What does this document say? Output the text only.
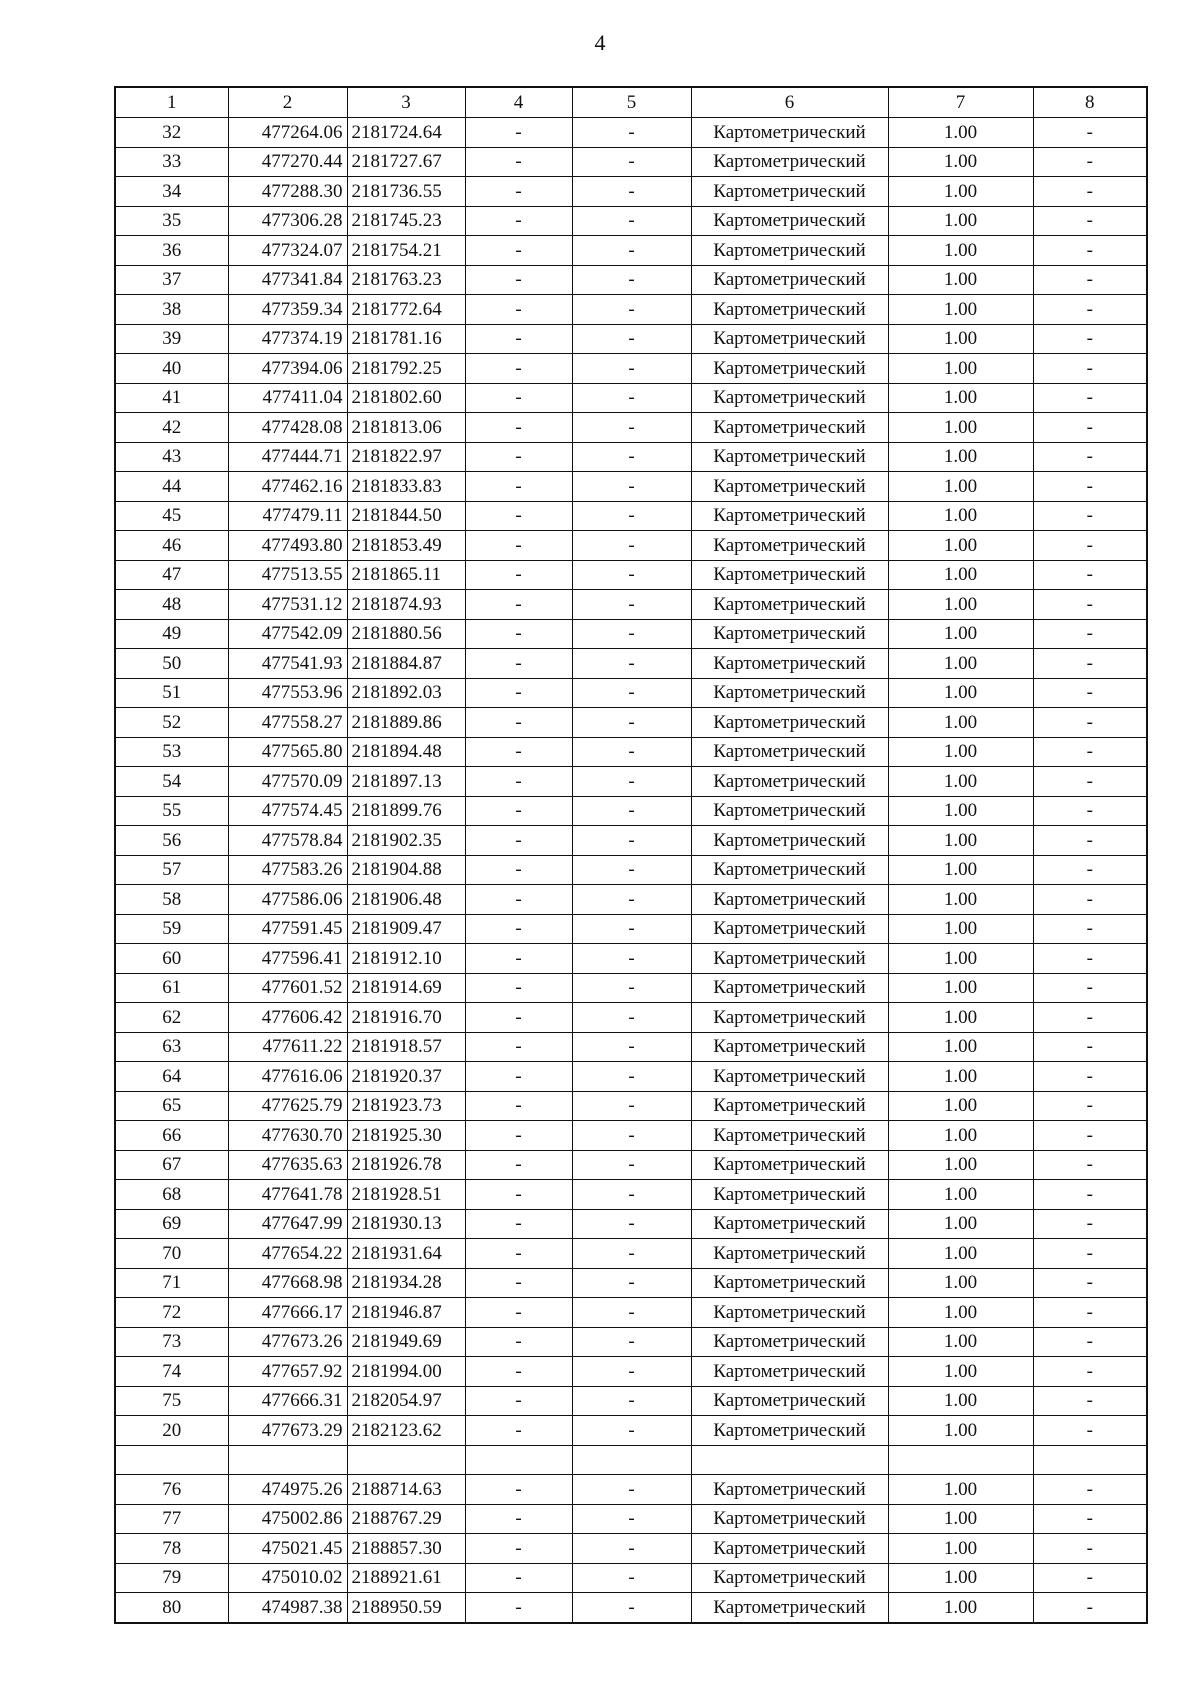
4
1	2	3	4	5	6	7	8
32	477264.06	2181724.64	-	-	Картометрический	1.00	-
33	477270.44	2181727.67	-	-	Картометрический	1.00	-
34	477288.30	2181736.55	-	-	Картометрический	1.00	-
35	477306.28	2181745.23	-	-	Картометрический	1.00	-
36	477324.07	2181754.21	-	-	Картометрический	1.00	-
37	477341.84	2181763.23	-	-	Картометрический	1.00	-
38	477359.34	2181772.64	-	-	Картометрический	1.00	-
39	477374.19	2181781.16	-	-	Картометрический	1.00	-
40	477394.06	2181792.25	-	-	Картометрический	1.00	-
41	477411.04	2181802.60	-	-	Картометрический	1.00	-
42	477428.08	2181813.06	-	-	Картометрический	1.00	-
43	477444.71	2181822.97	-	-	Картометрический	1.00	-
44	477462.16	2181833.83	-	-	Картометрический	1.00	-
45	477479.11	2181844.50	-	-	Картометрический	1.00	-
46	477493.80	2181853.49	-	-	Картометрический	1.00	-
47	477513.55	2181865.11	-	-	Картометрический	1.00	-
48	477531.12	2181874.93	-	-	Картометрический	1.00	-
49	477542.09	2181880.56	-	-	Картометрический	1.00	-
50	477541.93	2181884.87	-	-	Картометрический	1.00	-
51	477553.96	2181892.03	-	-	Картометрический	1.00	-
52	477558.27	2181889.86	-	-	Картометрический	1.00	-
53	477565.80	2181894.48	-	-	Картометрический	1.00	-
54	477570.09	2181897.13	-	-	Картометрический	1.00	-
55	477574.45	2181899.76	-	-	Картометрический	1.00	-
56	477578.84	2181902.35	-	-	Картометрический	1.00	-
57	477583.26	2181904.88	-	-	Картометрический	1.00	-
58	477586.06	2181906.48	-	-	Картометрический	1.00	-
59	477591.45	2181909.47	-	-	Картометрический	1.00	-
60	477596.41	2181912.10	-	-	Картометрический	1.00	-
61	477601.52	2181914.69	-	-	Картометрический	1.00	-
62	477606.42	2181916.70	-	-	Картометрический	1.00	-
63	477611.22	2181918.57	-	-	Картометрический	1.00	-
64	477616.06	2181920.37	-	-	Картометрический	1.00	-
65	477625.79	2181923.73	-	-	Картометрический	1.00	-
66	477630.70	2181925.30	-	-	Картометрический	1.00	-
67	477635.63	2181926.78	-	-	Картометрический	1.00	-
68	477641.78	2181928.51	-	-	Картометрический	1.00	-
69	477647.99	2181930.13	-	-	Картометрический	1.00	-
70	477654.22	2181931.64	-	-	Картометрический	1.00	-
71	477668.98	2181934.28	-	-	Картометрический	1.00	-
72	477666.17	2181946.87	-	-	Картометрический	1.00	-
73	477673.26	2181949.69	-	-	Картометрический	1.00	-
74	477657.92	2181994.00	-	-	Картометрический	1.00	-
75	477666.31	2182054.97	-	-	Картометрический	1.00	-
20	477673.29	2182123.62	-	-	Картометрический	1.00	-

76	474975.26	2188714.63	-	-	Картометрический	1.00	-
77	475002.86	2188767.29	-	-	Картометрический	1.00	-
78	475021.45	2188857.30	-	-	Картометрический	1.00	-
79	475010.02	2188921.61	-	-	Картометрический	1.00	-
80	474987.38	2188950.59	-	-	Картометрический	1.00	-
